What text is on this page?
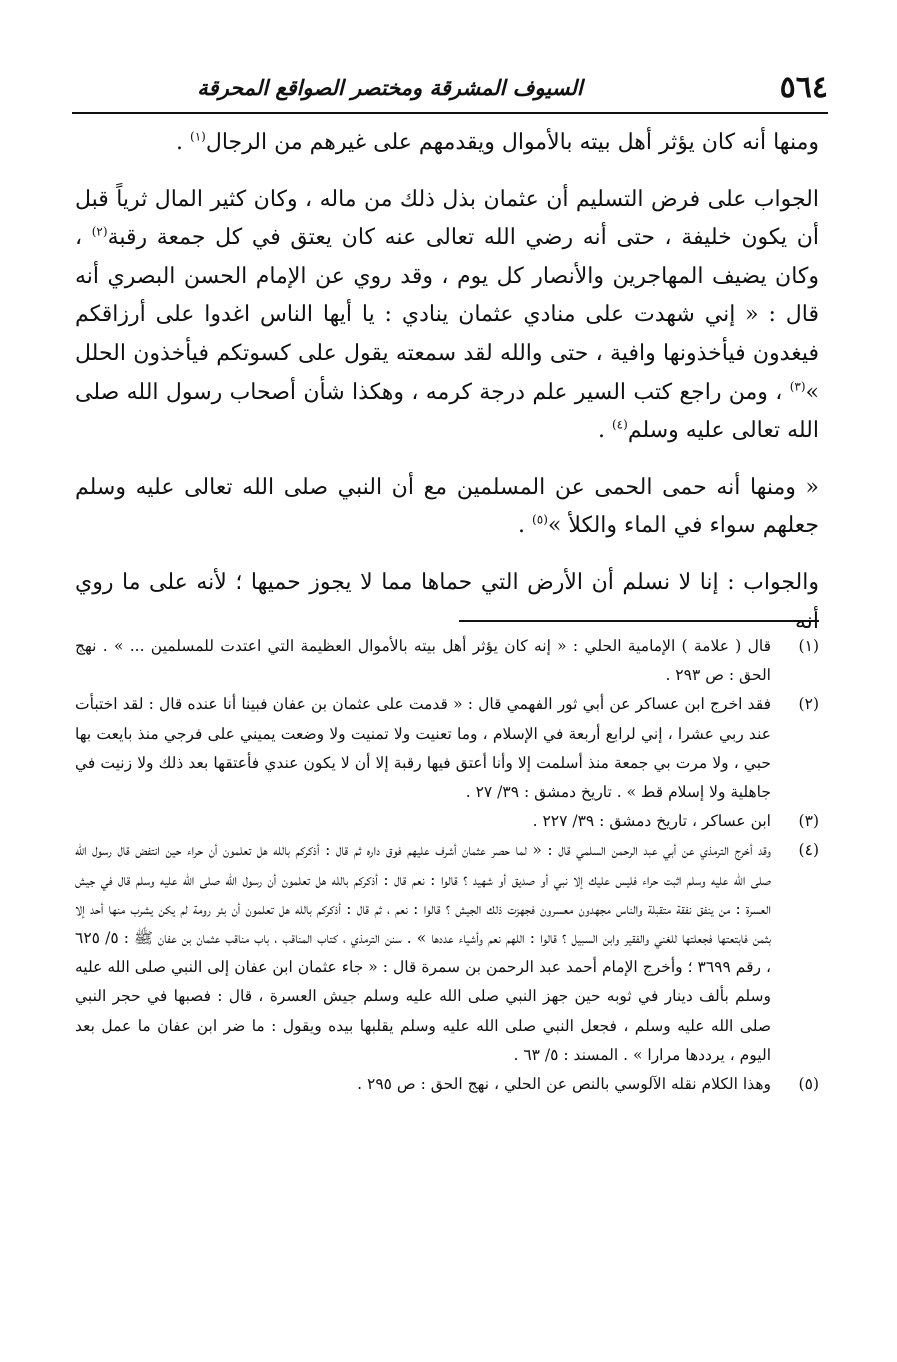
٥٦٤
السيوف المشرقة ومختصر الصواقع المحرقة

ومنها أنه كان يؤثر أهل بيته بالأموال ويقدمهم على غيرهم من الرجال$^{(١)}$ .

الجواب على فرض التسليم أن عثمان بذل ذلك من ماله ، وكان كثير المال ثرياً قبل أن يكون خليفة ، حتى أنه رضي الله تعالى عنه كان يعتق في كل جمعة رقبة$^{(٢)}$ ، وكان يضيف المهاجرين والأنصار كل يوم ، وقد روي عن الإمام الحسن البصري أنه قال : « إني شهدت على منادي عثمان ينادي : يا أيها الناس اغدوا على أرزاقكم فيغدون فيأخذونها وافية ، حتى والله لقد سمعته يقول على كسوتكم فيأخذون الحلل »$^{(٣)}$ ، ومن راجع كتب السير علم درجة كرمه ، وهكذا شأن أصحاب رسول الله صلى الله تعالى عليه وسلم$^{(٤)}$ .

« ومنها أنه حمى الحمى عن المسلمين مع أن النبي صلى الله تعالى عليه وسلم جعلهم سواء في الماء والكلأ »$^{(٥)}$ .

والجواب : إنا لا نسلم أن الأرض التي حماها مما لا يجوز حميها ؛ لأنه على ما روي أنه

(١)
قال ( علامة ) الإمامية الحلي : « إنه كان يؤثر أهل بيته بالأموال العظيمة التي اعتدت للمسلمين ... » . نهج الحق : ص ٢٩٣ .
(٢)
فقد اخرج ابن عساكر عن أبي ثور الفهمي قال : « قدمت على عثمان بن عفان فبينا أنا عنده قال : لقد اختبأت عند ربي عشرا ، إني لرابع أربعة في الإسلام ، وما تعنيت ولا تمنيت ولا وضعت يميني على فرجي منذ بايعت بها حبي ، ولا مرت بي جمعة منذ أسلمت إلا وأنا أعتق فيها رقبة إلا أن لا يكون عندي فأعتقها بعد ذلك ولا زنيت في جاهلية ولا إسلام قط » . تاريخ دمشق : ٣٩/ ٢٧ .
(٣)
ابن عساكر ، تاريخ دمشق : ٣٩/ ٢٢٧ .
(٤)
وقد أخرج الترمذي عن أبي عبد الرحمن السلمي قال : « لما حصر عثمان أشرف عليهم فوق داره ثم قال : أذكركم بالله هل تعلمون أن حراء حين انتفض قال رسول الله صلى الله عليه وسلم اثبت حراء فليس عليك إلا نبي أو صديق أو شهيد ؟ قالوا : نعم قال : أذكركم بالله هل تعلمون أن رسول الله صلى الله عليه وسلم قال في جيش العسرة : من ينفق نفقة متقبلة والناس مجهدون معسرون فجهزت ذلك الجيش ؟ قالوا : نعم ، ثم قال : أذكركم بالله هل تعلمون أن بئر رومة لم يكن يشرب منها أحد إلا بثمن فابتعتها فجعلتها للغني والفقير وابن السبيل ؟ قالوا : اللهم نعم وأشياء عددها » . سنن الترمذي ، كتاب المناقب ، باب مناقب عثمان بن عفان ﷺ : ٥/ ٦٢٥ ، رقم ٣٦٩٩ ؛ وأخرج الإمام أحمد عبد الرحمن بن سمرة قال : « جاء عثمان ابن عفان إلى النبي صلى الله عليه وسلم بألف دينار في ثوبه حين جهز النبي صلى الله عليه وسلم جيش العسرة ، قال : فصبها في حجر النبي صلى الله عليه وسلم ، فجعل النبي صلى الله عليه وسلم يقلبها بيده ويقول : ما ضر ابن عفان ما عمل بعد اليوم ، يرددها مرارا » . المسند : ٥/ ٦٣ .
(٥)
وهذا الكلام نقله الآلوسي بالنص عن الحلي ، نهج الحق : ص ٢٩٥ .
